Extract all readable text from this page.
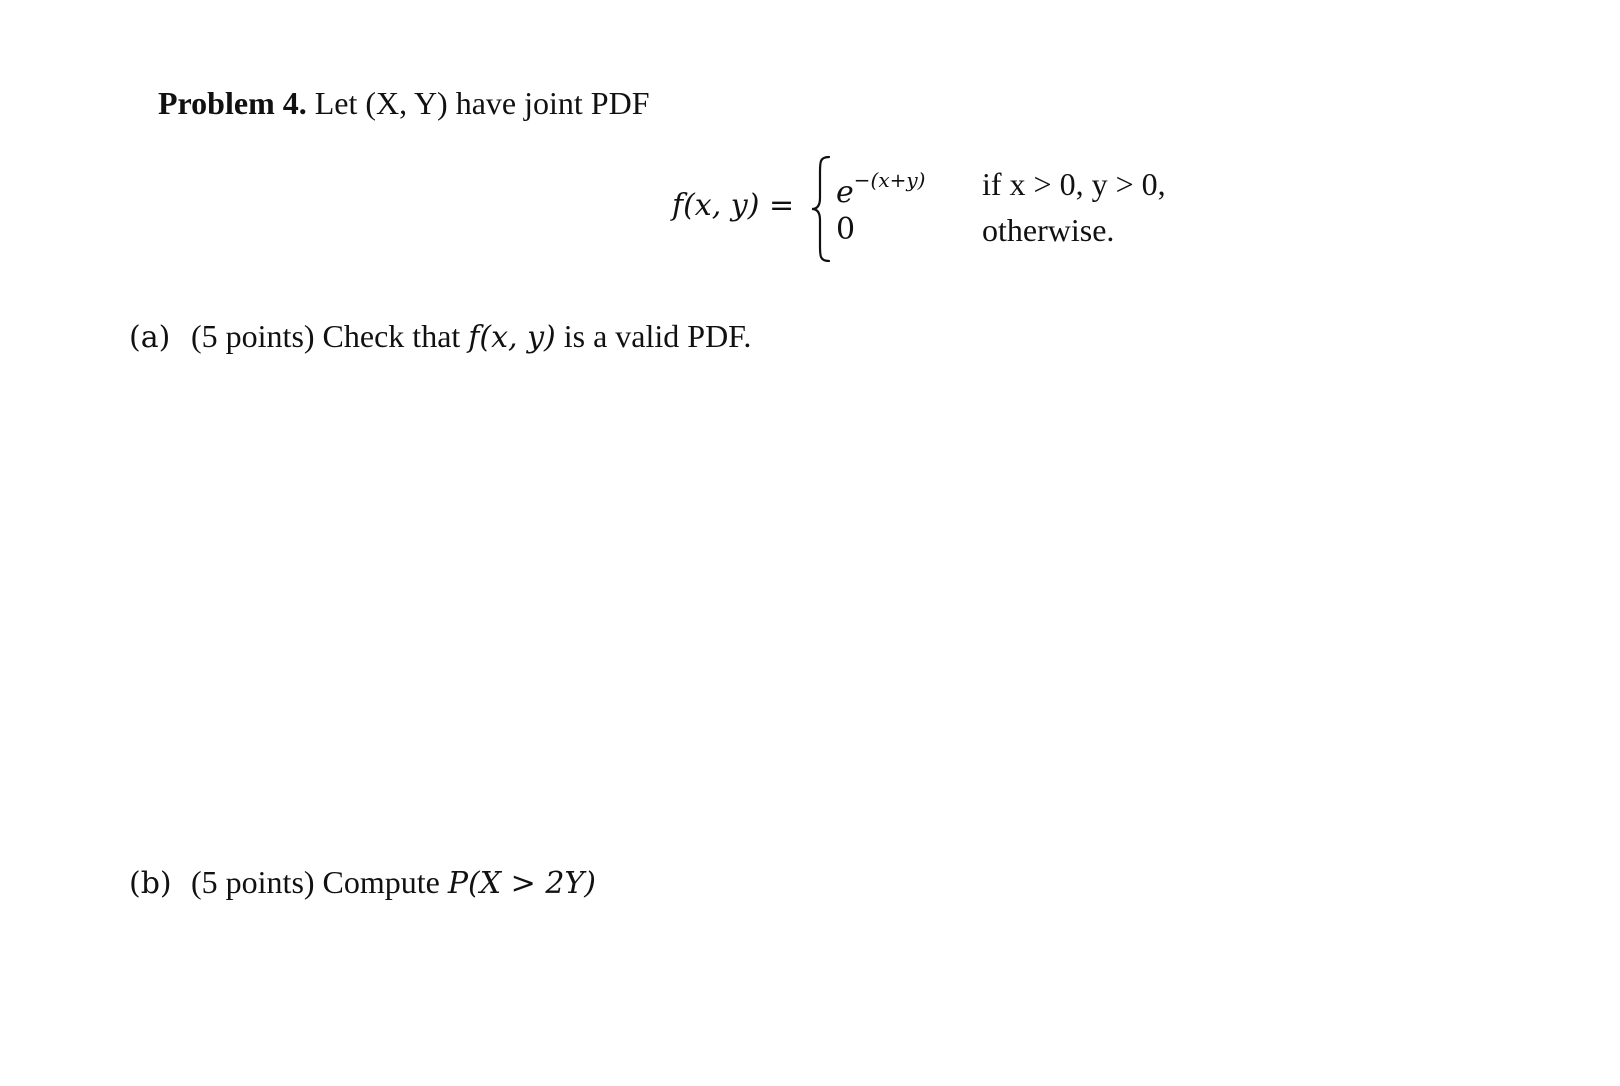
Problem 4. Let (X, Y) have joint PDF
f(x, $y) = e^{-(x+y)}$ if x > 0, y > 0,
0	otherwise.
(a) (5 points) Check that f(x, y) is a valid PDF.
(b) (5 points) Compute P(X > 2Y)
